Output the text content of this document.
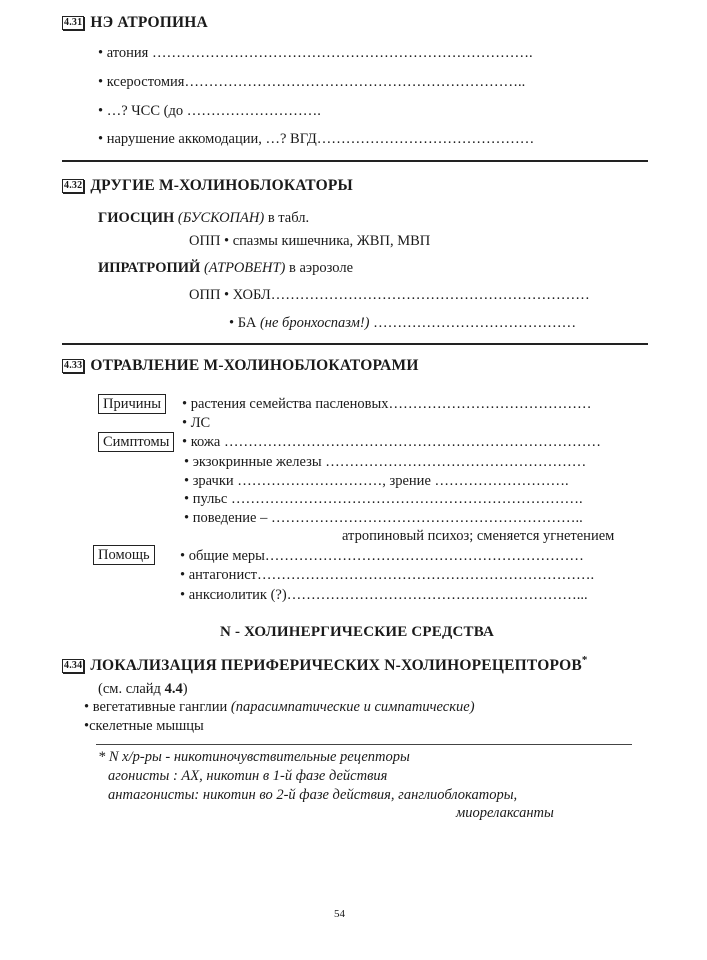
4.31 НЭ АТРОПИНА
• атония …………………………………………………………………….
• ксеростомия……………………………………………………………..
• …? ЧСС (до ……………………….
• нарушение аккомодации, …? ВГД………………………………………
4.32 ДРУГИЕ М-ХОЛИНОБЛОКАТОРЫ
ГИОСЦИН (БУСКОПАН) в табл.
ОПП • спазмы кишечника, ЖВП, МВП
ИПРАТРОПИЙ (АТРОВЕНТ) в аэрозоле
ОПП • ХОБЛ…………………………………………………………
• БА (не бронхоспазм!) ……………………………………
4.33 ОТРАВЛЕНИЕ М-ХОЛИНОБЛОКАТОРАМИ
Причины	• растения семейства пасленовых……………………………………
• ЛС
Симптомы • кожа ……………………………………………………………………
• экзокринные железы ………………………………………………
• зрачки …………………………, зрение ……………………….
• пульс ……………………………………………………………….
• поведение – ………………………………………………………..
атропиновый психоз; сменяется угнетением
Помощь	• общие меры…………………………………………………………
• антагонист…………………………………………………………….
• анксиолитик (?)……………………………………………………...
N - ХОЛИНЕРГИЧЕСКИЕ СРЕДСТВА
4.34 ЛОКАЛИЗАЦИЯ ПЕРИФЕРИЧЕСКИХ N-ХОЛИНОРЕЦЕПТОРОВ*
(см. слайд 4.4)
• вегетативные ганглии (парасимпатические и симпатические)
•скелетные мышцы
* N х/р-ры - никотиночувствительные рецепторы
агонисты : АХ, никотин в 1-й фазе действия
антагонисты: никотин во 2-й фазе действия, ганглиоблокаторы,
миорелаксанты
54
